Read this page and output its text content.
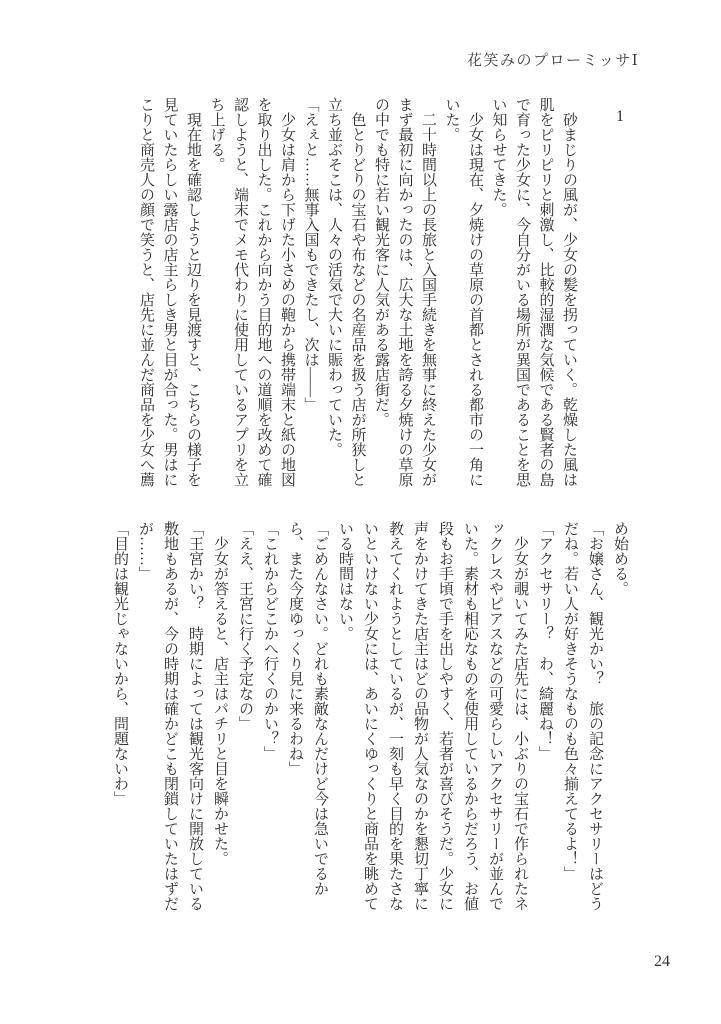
花笑みのプローミッサⅠ
1

　砂まじりの風が、少女の髪を拐っていく。乾燥した風は肌をピリピリと刺激し、比較的湿潤な気候である賢者の島で育った少女に、今自分がいる場所が異国であることを思い知らせてきた。

　少女は現在、夕焼けの草原の首都とされる都市の一角にいた。

　二十時間以上の長旅と入国手続きを無事に終えた少女がまず最初に向かったのは、広大な土地を誇る夕焼けの草原の中でも特に若い観光客に人気がある露店街だ。

　色とりどりの宝石や布などの名産品を扱う店が所狭しと立ち並ぶそこは、人々の活気で大いに賑わっていた。

「えぇと……無事入国もできたし、次は――」

　少女は肩から下げた小さめの鞄から携帯端末と紙の地図を取り出した。これから向かう目的地への道順を改めて確認しようと、端末でメモ代わりに使用しているアプリを立ち上げる。

　現在地を確認しようと辺りを見渡すと、こちらの様子を見ていたらしい露店の店主らしき男と目が合った。男はにこりと商売人の顔で笑うと、店先に並んだ商品を少女へ薦

め始める。

「お嬢さん、観光かい？　旅の記念にアクセサリーはどうだね。若い人が好きそうなものも色々揃えてるよ！」

「アクセサリー？　わ、綺麗ね！」

　少女が覗いてみた店先には、小ぶりの宝石で作られたネックレスやピアスなどの可愛らしいアクセサリーが並んでいた。素材も相応なものを使用しているからだろう、お値段もお手頃で手を出しやすく、若者が喜びそうだ。少女に声をかけてきた店主はどの品物が人気なのかを懇切丁寧に教えてくれようとしているが、一刻も早く目的を果たさないといけない少女には、あいにくゆっくりと商品を眺めている時間はない。

「ごめんなさい。どれも素敵なんだけど今は急いでるから、また今度ゆっくり見に来るわね」

「これからどこかへ行くのかい？」

「ええ、王宮に行く予定なの」

　少女が答えると、店主はパチリと目を瞬かせた。

「王宮かい？　時期によっては観光客向けに開放している敷地もあるが、今の時期は確かどこも閉鎖していたはずだが……」

「目的は観光じゃないから、問題ないわ」

24
